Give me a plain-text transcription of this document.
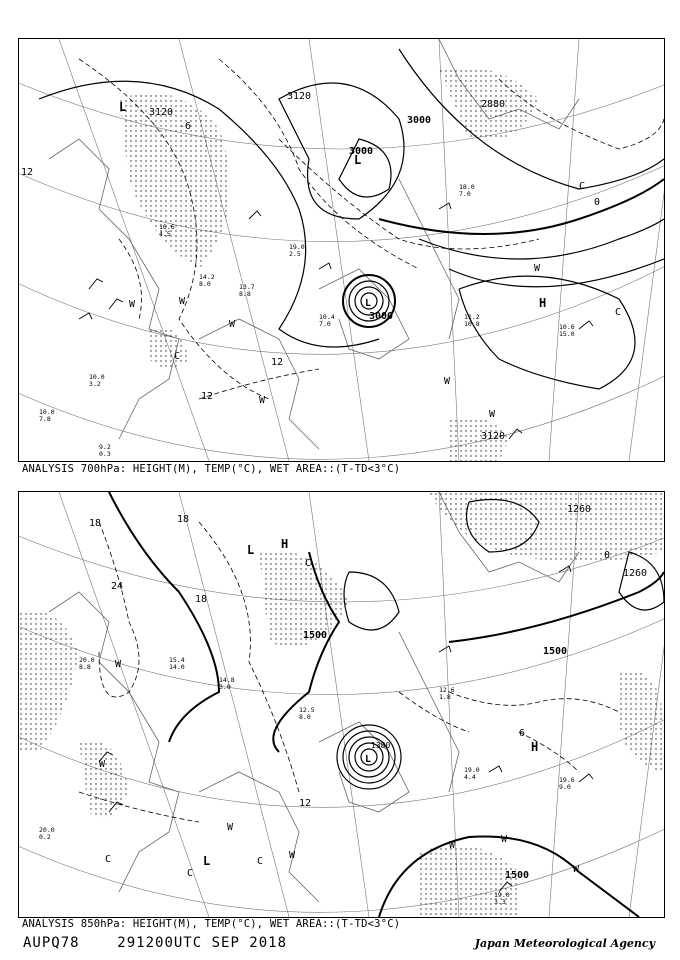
10.6
4.5
14.2
8.0	13.7
8.8
19.0
2.5
10.4
7.0
18.0
7.0
11.2
10.8	10.6
15.0
10.0
3.2
10.0
7.8
9.2
0.3
3120
3120
3000
3000
3000
2880
3120
12
-6
0
12
12
L
L
L	H
W
W
W
W
W
W
W
C
C
C
ANALYSIS 700hPa: HEIGHT(M), TEMP(°C), WET AREA::(T-TD<3°C)
15.4
14.0
14.8
3.0
12.5
8.0
12.6
1.8
19.0
4.4	19.6
9.0
19.0
3.3
20.0
0.2
20.0
8.8
1500
1500
1500
1260
1260
1380
18	18
24
18
0
6
12
L
L
L
H
H
W
W
W
W
W
W
W
C
C
C
C
ANALYSIS 850hPa: HEIGHT(M), TEMP(°C), WET AREA::(T-TD<3°C)
AUPQ78	291200UTC SEP 2018	Japan Meteorological Agency
